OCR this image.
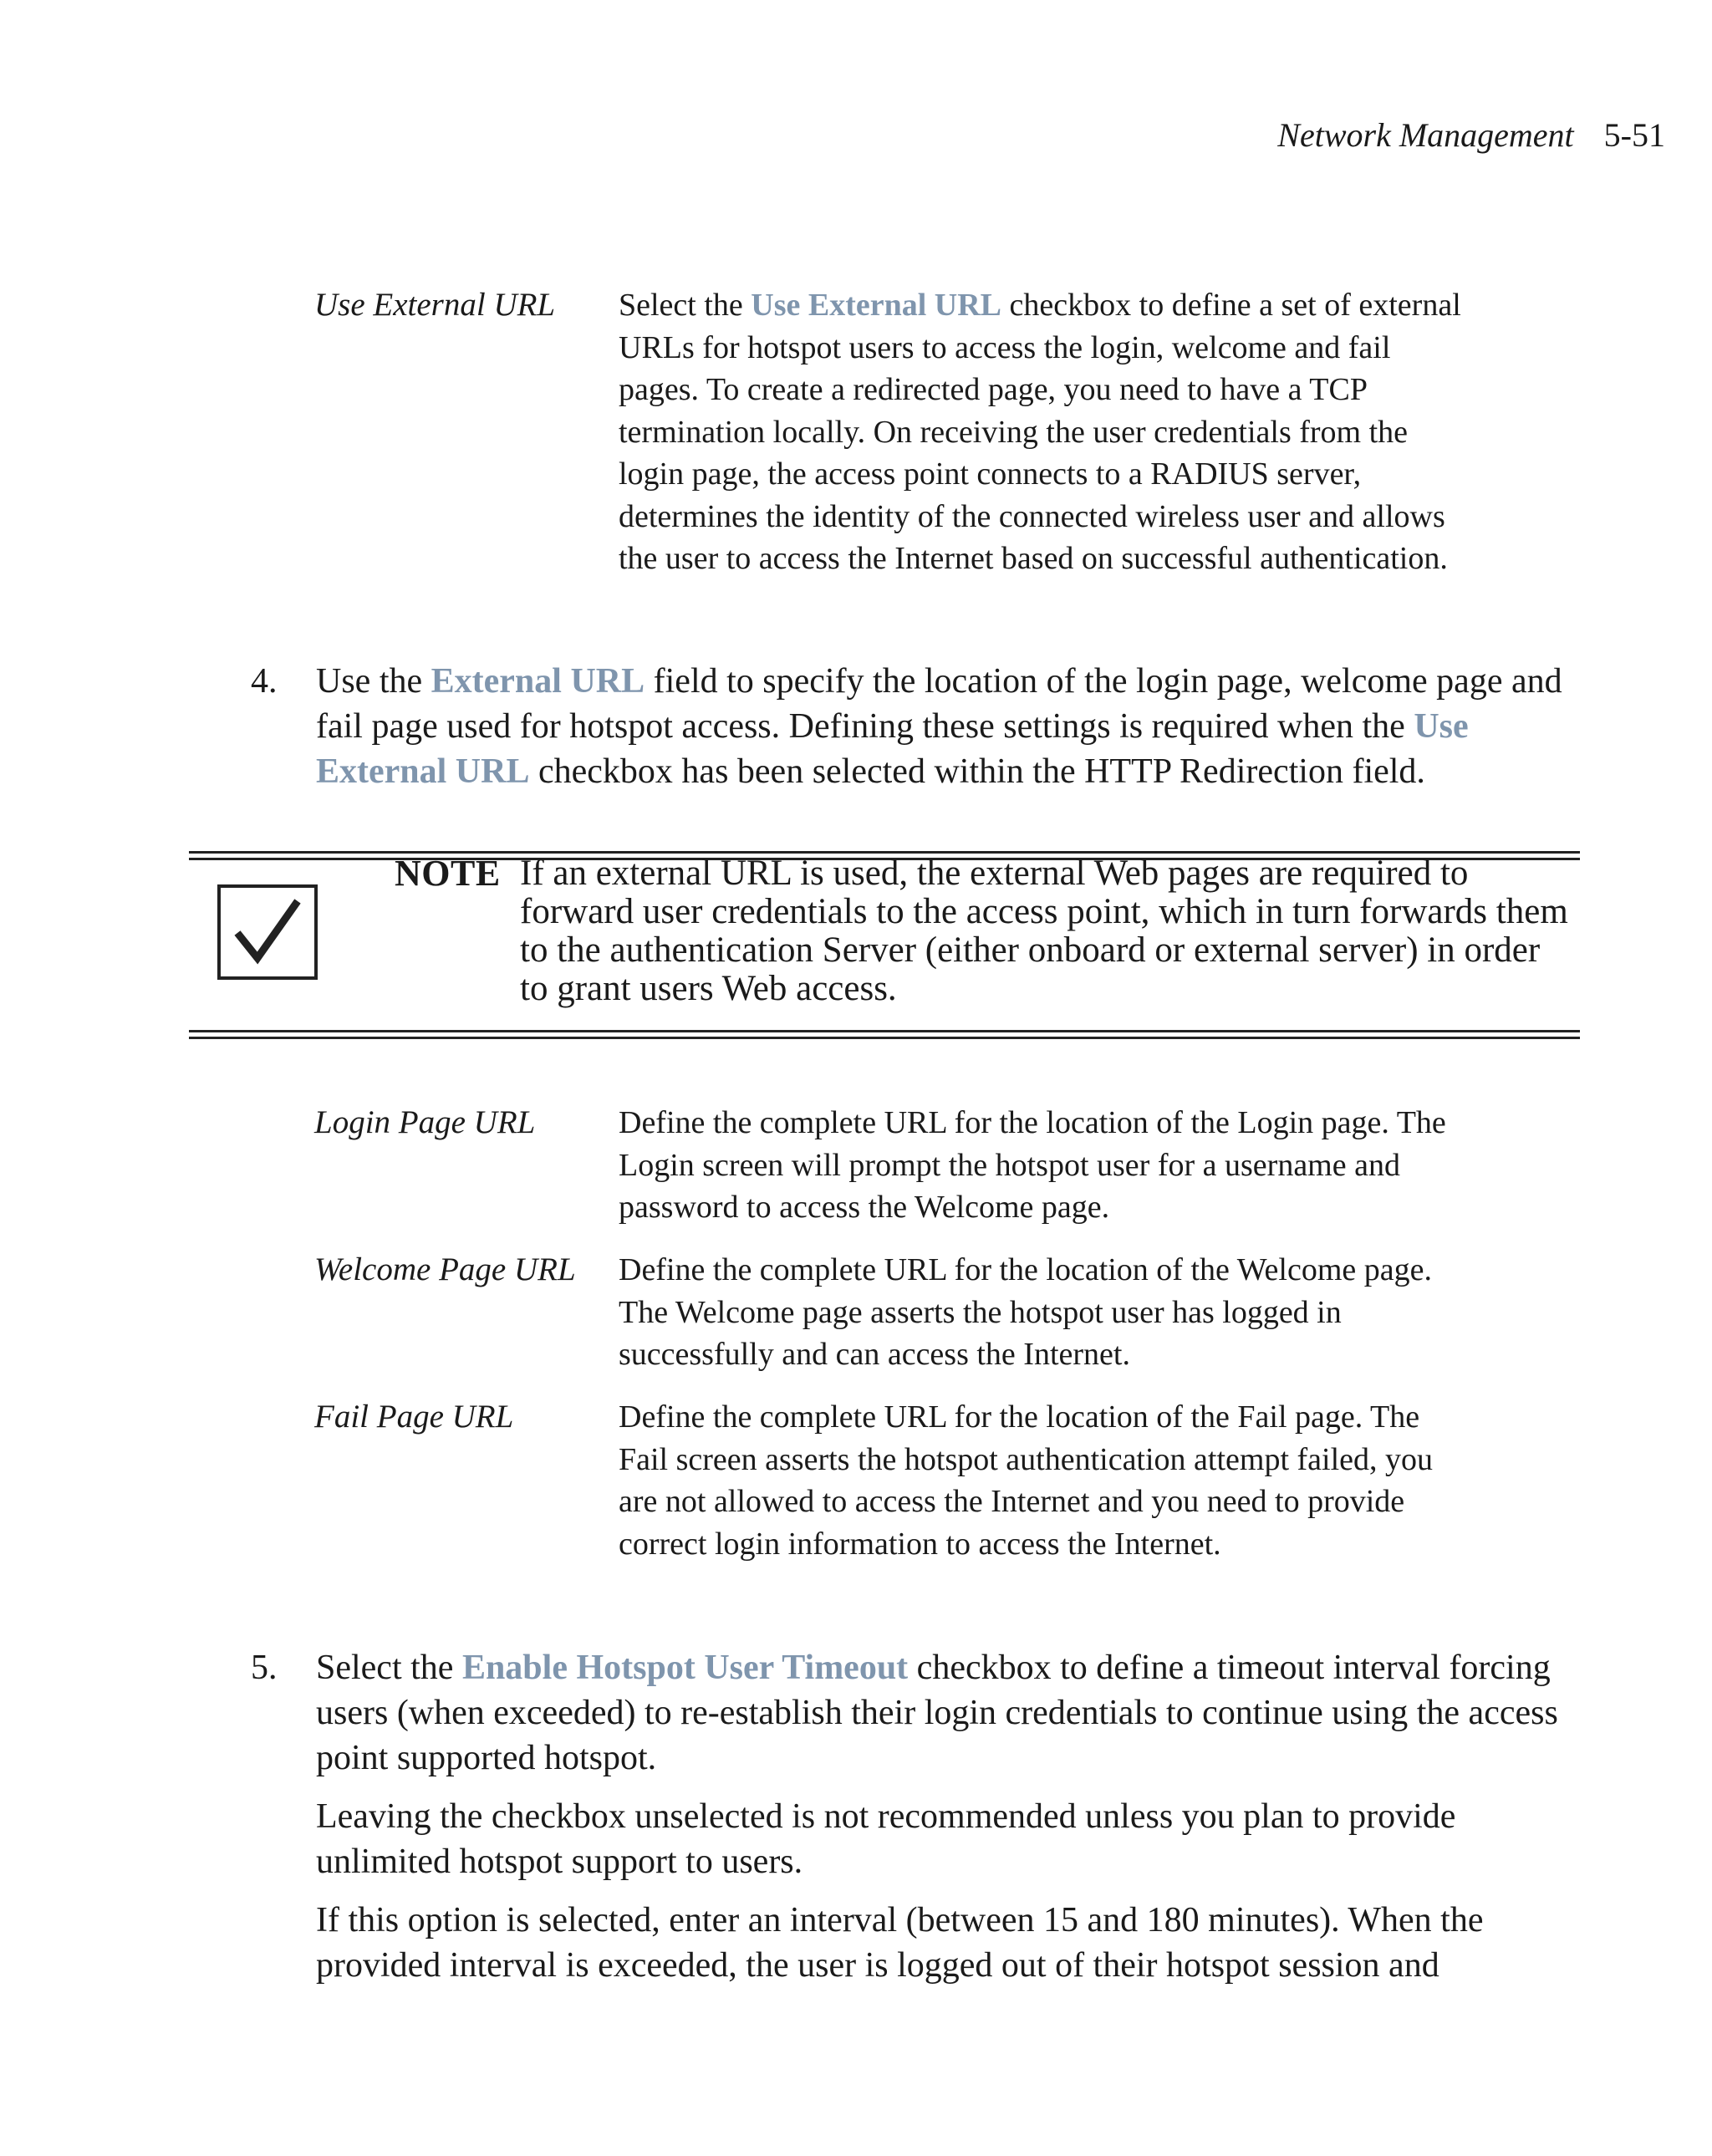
Network Management 5-51
Use External URL	Select the Use External URL checkbox to define a set of external URLs for hotspot users to access the login, welcome and fail pages. To create a redirected page, you need to have a TCP termination locally. On receiving the user credentials from the login page, the access point connects to a RADIUS server, determines the identity of the connected wireless user and allows the user to access the Internet based on successful authentication.
4.	Use the External URL field to specify the location of the login page, welcome page and fail page used for hotspot access. Defining these settings is required when the Use External URL checkbox has been selected within the HTTP Redirection field.
NOTE If an external URL is used, the external Web pages are required to forward user credentials to the access point, which in turn forwards them to the authentication Server (either onboard or external server) in order to grant users Web access.
Login Page URL	Define the complete URL for the location of the Login page. The Login screen will prompt the hotspot user for a username and password to access the Welcome page.
Welcome Page URL	Define the complete URL for the location of the Welcome page. The Welcome page asserts the hotspot user has logged in successfully and can access the Internet.
Fail Page URL	Define the complete URL for the location of the Fail page. The Fail screen asserts the hotspot authentication attempt failed, you are not allowed to access the Internet and you need to provide correct login information to access the Internet.
5.	Select the Enable Hotspot User Timeout checkbox to define a timeout interval forcing users (when exceeded) to re-establish their login credentials to continue using the access point supported hotspot.

Leaving the checkbox unselected is not recommended unless you plan to provide unlimited hotspot support to users.

If this option is selected, enter an interval (between 15 and 180 minutes). When the provided interval is exceeded, the user is logged out of their hotspot session and
